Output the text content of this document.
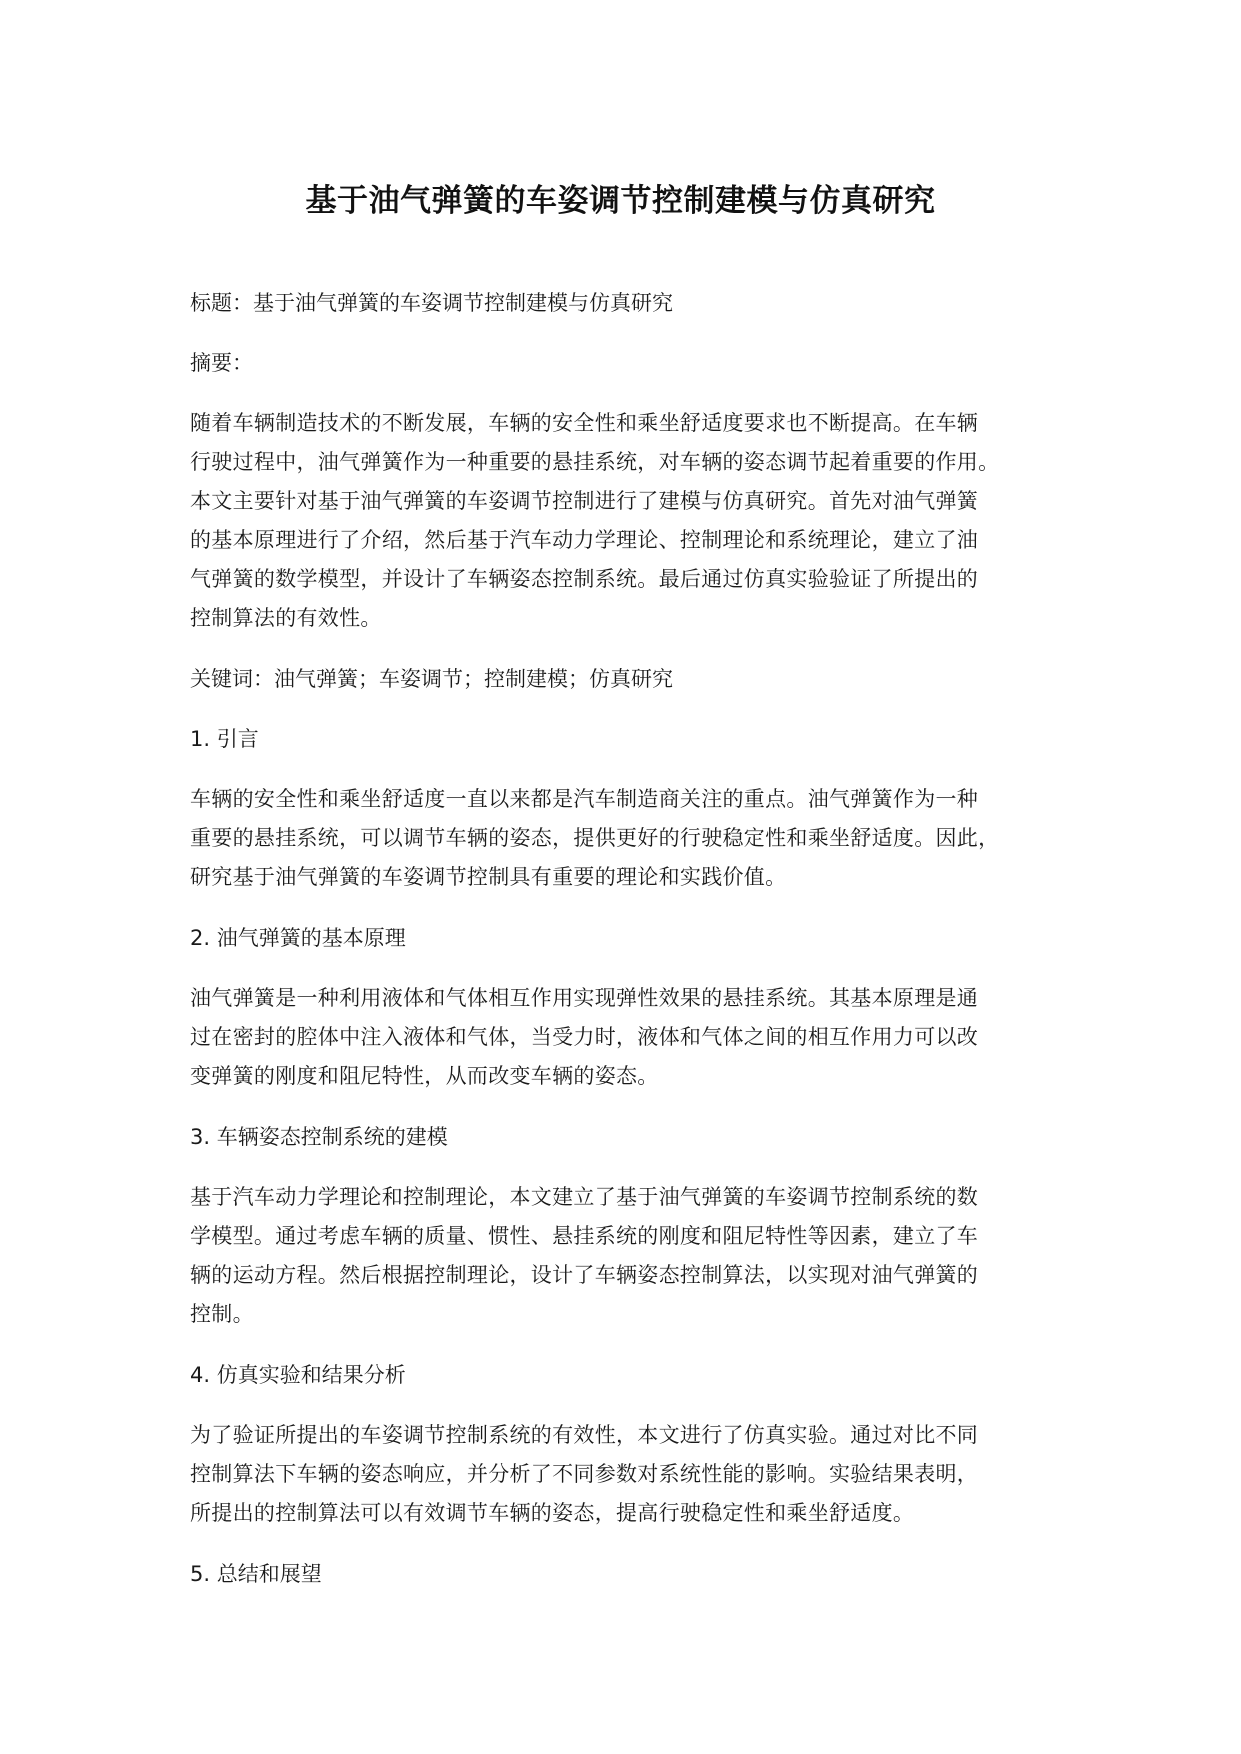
基于油气弹簧的车姿调节控制建模与仿真研究
标题：基于油气弹簧的车姿调节控制建模与仿真研究
摘要：
随着车辆制造技术的不断发展，车辆的安全性和乘坐舒适度要求也不断提高。在车辆
行驶过程中，油气弹簧作为一种重要的悬挂系统，对车辆的姿态调节起着重要的作用。
本文主要针对基于油气弹簧的车姿调节控制进行了建模与仿真研究。首先对油气弹簧
的基本原理进行了介绍，然后基于汽车动力学理论、控制理论和系统理论，建立了油
气弹簧的数学模型，并设计了车辆姿态控制系统。最后通过仿真实验验证了所提出的
控制算法的有效性。
关键词：油气弹簧；车姿调节；控制建模；仿真研究
1. 引言
车辆的安全性和乘坐舒适度一直以来都是汽车制造商关注的重点。油气弹簧作为一种
重要的悬挂系统，可以调节车辆的姿态，提供更好的行驶稳定性和乘坐舒适度。因此，
研究基于油气弹簧的车姿调节控制具有重要的理论和实践价值。
2. 油气弹簧的基本原理
油气弹簧是一种利用液体和气体相互作用实现弹性效果的悬挂系统。其基本原理是通
过在密封的腔体中注入液体和气体，当受力时，液体和气体之间的相互作用力可以改
变弹簧的刚度和阻尼特性，从而改变车辆的姿态。
3. 车辆姿态控制系统的建模
基于汽车动力学理论和控制理论，本文建立了基于油气弹簧的车姿调节控制系统的数
学模型。通过考虑车辆的质量、惯性、悬挂系统的刚度和阻尼特性等因素，建立了车
辆的运动方程。然后根据控制理论，设计了车辆姿态控制算法，以实现对油气弹簧的
控制。
4. 仿真实验和结果分析
为了验证所提出的车姿调节控制系统的有效性，本文进行了仿真实验。通过对比不同
控制算法下车辆的姿态响应，并分析了不同参数对系统性能的影响。实验结果表明，
所提出的控制算法可以有效调节车辆的姿态，提高行驶稳定性和乘坐舒适度。
5. 总结和展望
